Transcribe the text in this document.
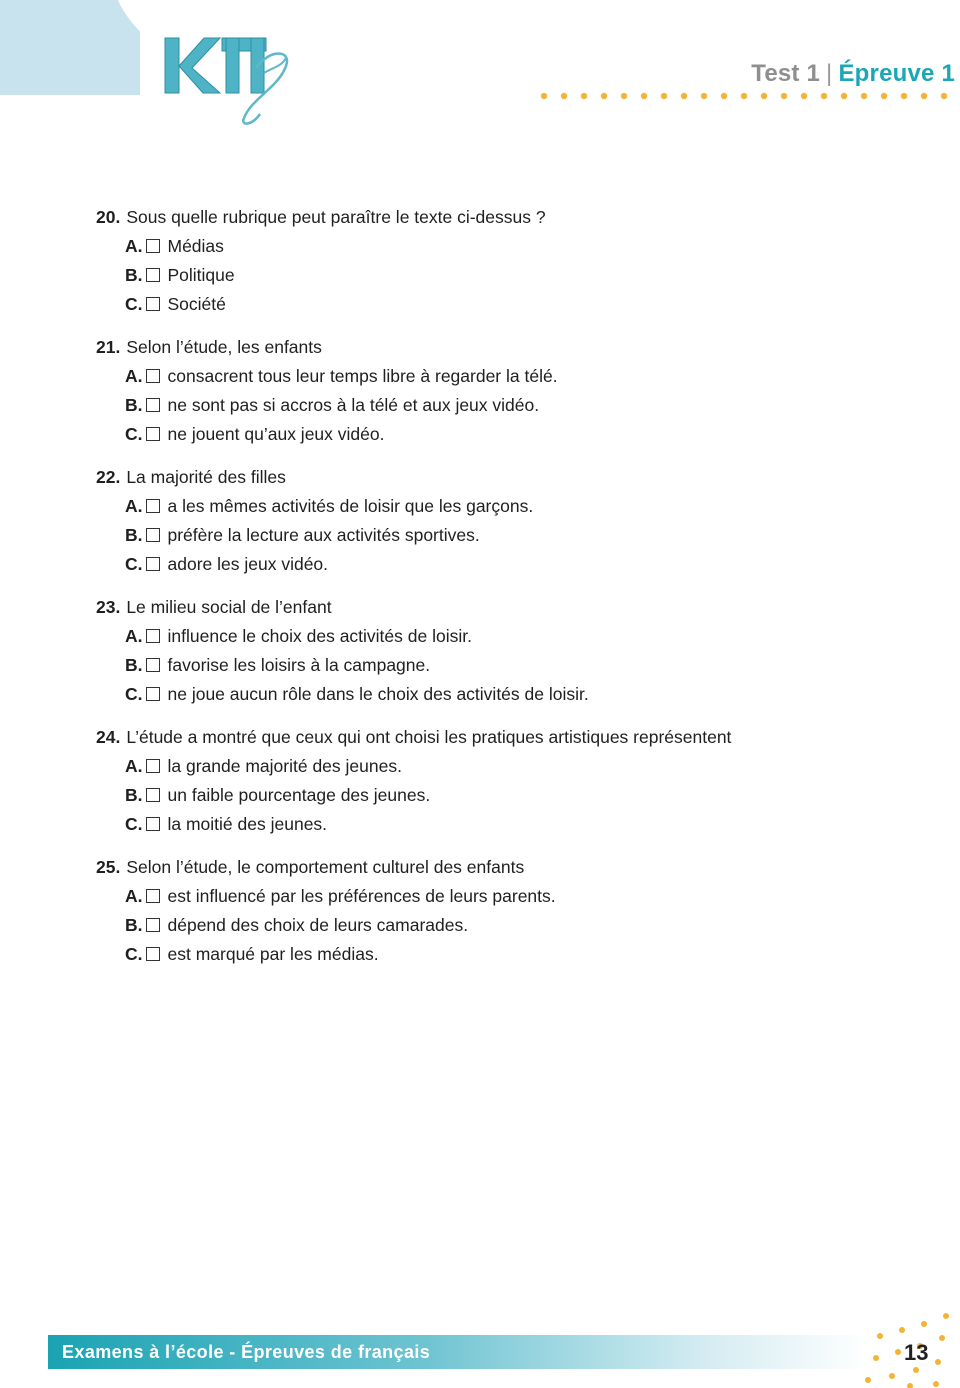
Test 1 | Épreuve 1
20. Sous quelle rubrique peut paraître le texte ci-dessus ?
A. Médias
B. Politique
C. Société
21. Selon l’étude, les enfants
A. consacrent tous leur temps libre à regarder la télé.
B. ne sont pas si accros à la télé et aux jeux vidéo.
C. ne jouent qu’aux jeux vidéo.
22. La majorité des filles
A. a les mêmes activités de loisir que les garçons.
B. préfère la lecture aux activités sportives.
C. adore les jeux vidéo.
23. Le milieu social de l’enfant
A. influence le choix des activités de loisir.
B. favorise les loisirs à la campagne.
C. ne joue aucun rôle dans le choix des activités de loisir.
24. L’étude a montré que ceux qui ont choisi les pratiques artistiques représentent
A. la grande majorité des jeunes.
B. un faible pourcentage des jeunes.
C. la moitié des jeunes.
25. Selon l’étude, le comportement culturel des enfants
A. est influencé par les préférences de leurs parents.
B. dépend des choix de leurs camarades.
C. est marqué par les médias.
Examens à l’école - Épreuves de français	13
